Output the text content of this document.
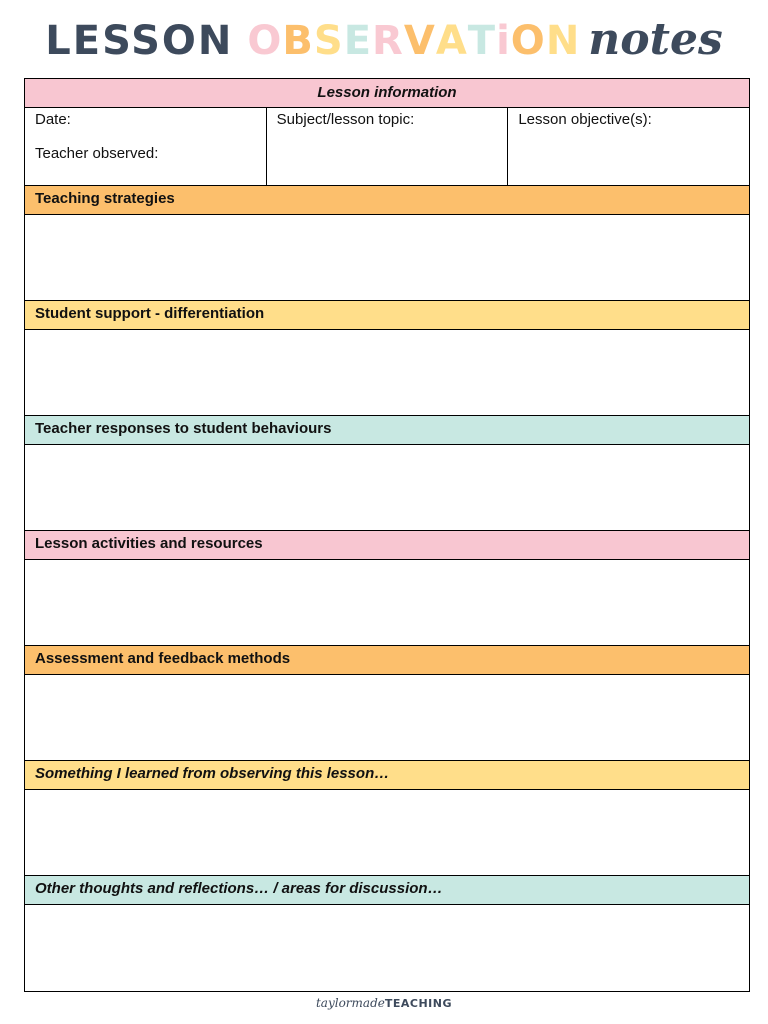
LESSON OBSERVATiON notes
Lesson information
Date:
Teacher observed:
Subject/lesson topic:	Lesson objective(s):
Teaching strategies
Student support - differentiation
Teacher responses to student behaviours
Lesson activities and resources
Assessment and feedback methods
Something I learned from observing this lesson…
Other thoughts and reflections… / areas for discussion…
taylormadeTEACHING
